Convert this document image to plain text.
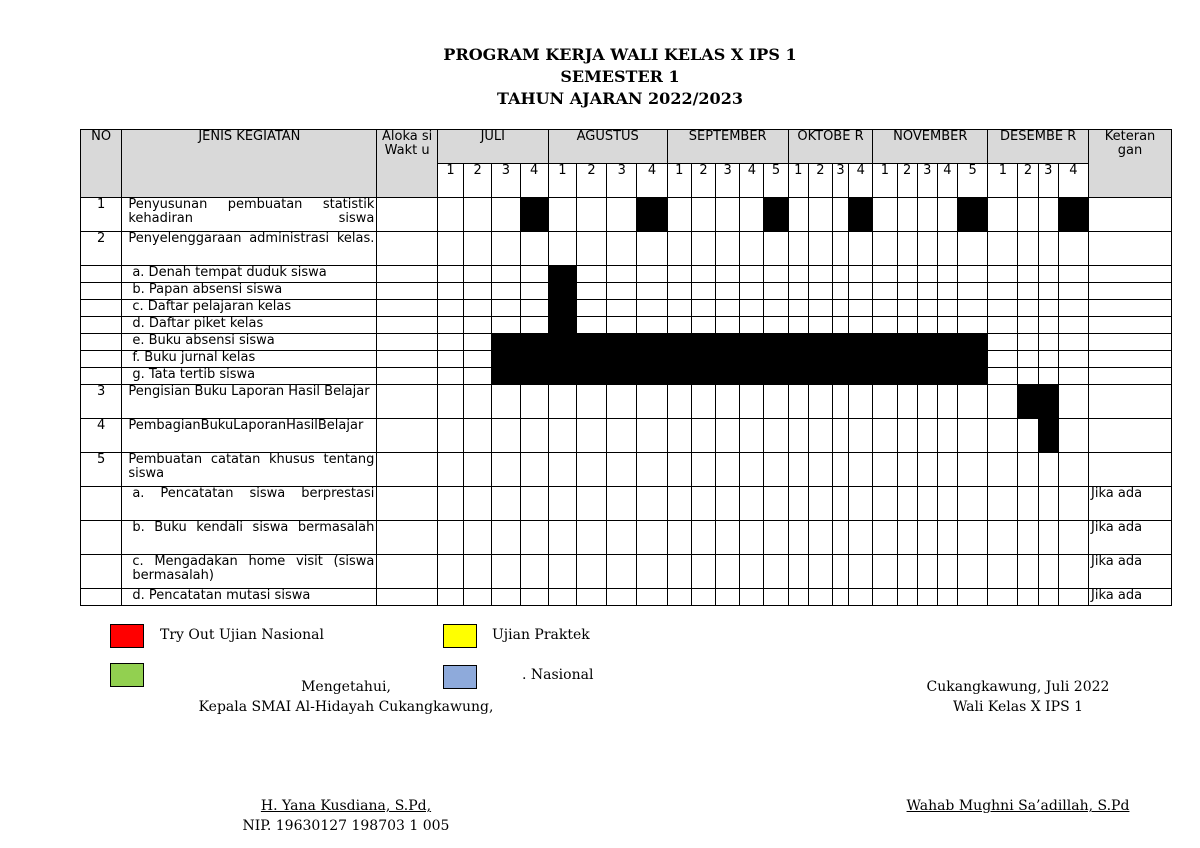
PROGRAM KERJA WALI KELAS X IPS 1
SEMESTER 1
TAHUN AJARAN 2022/2023
NO	JENIS KEGIATAN	Aloka si Wakt u	JULI				AGUSTUS				SEPTEMBER					OKTOBE R				NOVEMBER					DESEMBE R				Keteran gan
			1	2	3	4	1	2	3	4	1	2	3	4	5	1	2	3	4	1	2	3	4	5	1	2	3	4	
1	Penyusunan pembuatan statistik kehadiran siswa																												
2	Penyelenggaraan administrasi kelas.																												
	a. Denah tempat duduk siswa																												
	b. Papan absensi siswa																												
	c. Daftar pelajaran kelas																												
	d. Daftar piket kelas																												
	e. Buku absensi siswa																												
	f. Buku jurnal kelas																												
	g. Tata tertib siswa																												
3	Pengisian Buku Laporan Hasil Belajar																												
4	PembagianBukuLaporanHasilBelajar																												
5	Pembuatan catatan khusus tentang siswa																												
	a. Pencatatan siswa berprestasi																												Jika ada
	b. Buku kendali siswa bermasalah																												Jika ada
	c. Mengadakan home visit (siswa bermasalah)																												Jika ada
	d. Pencatatan mutasi siswa																												Jika ada
Try Out Ujian Nasional	Ujian Praktek
. Nasional
Mengetahui,
Kepala SMAI Al-Hidayah Cukangkawung,
H. Yana Kusdiana, S.Pd,
NIP. 19630127 198703 1 005
Cukangkawung, Juli 2022
Wali Kelas X IPS 1
Wahab Mughni Sa’adillah, S.Pd
